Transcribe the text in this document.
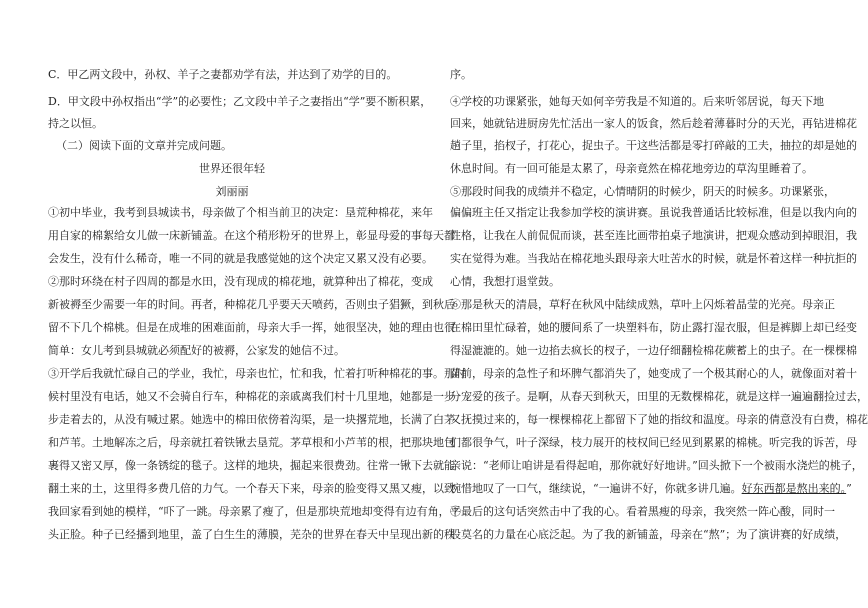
C．甲乙两文段中，孙权、羊子之妻都劝学有法，并达到了劝学的目的。
D．甲文段中孙权指出“学”的必要性；乙文段中羊子之妻指出“学”要不断积累，
持之以恒。
（二）阅读下面的文章并完成问题。
世界还很年轻
刘丽丽
①初中毕业，我考到县城读书，母亲做了个相当前卫的决定：垦荒种棉花，来年
用自家的棉絮给女儿做一床新铺盖。在这个稍形粉牙的世界上，彰显母爱的事每天都
会发生，没有什么稀奇，唯一不同的就是我感觉她的这个决定又累又没有必要。
②那时环绕在村子四周的都是水田，没有现成的棉花地，就算种出了棉花，变成
新被褥至少需要一年的时间。再者，种棉花几乎要天天喷药，否则虫子猖獗，到秋后
留不下几个棉桃。但是在成堆的困难面前，母亲大手一挥，她很坚决，她的理由也很
简单：女儿考到县城就必须配好的被褥，公家发的她信不过。
③开学后我就忙碌自己的学业，我忙，母亲也忙，忙和我，忙着打听种棉花的事。那时
候村里没有电话，她又不会骑自行车，种棉花的亲戚离我们村十几里地，她都是一步
步走着去的，从没有喊过累。她选中的棉田依傍着沟渠，是一块撂荒地，长满了白茅
和芦苇。土地解冻之后，母亲就扛着铁锹去垦荒。茅草根和小芦苇的根，把那块地包
裹得又密又厚，像一条锈绽的毯子。这样的地块，掘起来很费劲。往常一锹下去就能
翻土来的土，这里得多费几倍的力气。一个春天下来，母亲的脸变得又黑又瘦，以致
我回家看到她的模样，“吓了一跳。母亲累了瘦了，但是那块荒地却变得有边有角，平
头正脸。种子已经播到地里，盖了白生生的薄膜，芜杂的世界在春天中呈现出新的秩
序。
④学校的功课紧张，她每天如何辛劳我是不知道的。后来听邻居说，每天下地
回来，她就钻进厨房先忙活出一家人的饭食，然后趁着薄暮时分的天光，再钻进棉花
趟子里，掐杈子，打花心，捉虫子。干这些活都是零打碎敲的工夫，抽拉的却是她的
休息时间。有一回可能是太累了，母亲竟然在棉花地旁边的草沟里睡着了。
⑤那段时间我的成绩并不稳定，心情晴阴的时候少，阴天的时候多。功课紧张，
偏偏班主任又指定让我参加学校的演讲赛。虽说我普通话比较标准，但是以我内向的
性格，让我在人前侃侃而谈，甚至连比画带拍桌子地演讲，把观众感动到掉眼泪，我
实在觉得为难。当我站在棉花地头跟母亲大吐苦水的时候，就是怀着这样一种抗拒的
心情，我想打退堂鼓。
⑥那是秋天的清晨，草籽在秋风中陆续成熟，草叶上闪烁着晶莹的光亮。母亲正
在棉田里忙碌着，她的腰间系了一块塑料布，防止露打湿衣服，但是裤脚上却已经变
得湿漉漉的。她一边掐去疯长的杈子，一边仔细翻检棉花蕨蓄上的虫子。在一棵棵棉
苗前，母亲的急性子和坏脾气都消失了，她变成了一个极其耐心的人，就像面对着十
分宠爱的孩子。是啊，从春天到秋天，田里的无数棵棉花，就是这样一遍遍翻捡过去，
又抚摸过来的，每一棵棵棉花上都留下了她的指纹和温度。母亲的倩意没有白费，棉花
们都很争气，叶子深绿，枝力展开的枝权间已经见到累累的棉桃。听完我的诉苦，母
亲说：“老师让咱讲是看得起咱，那你就好好地讲。”回头掀下一个被雨水浇烂的桃子，
惋惜地叹了一口气，继续说，“一遍讲不好，你就多讲几遍。好东西都是熬出来的。”
⑦最后的这句话突然击中了我的心。看着黑瘦的母亲，我突然一阵心酸，同时一
股莫名的力量在心底泛起。为了我的新铺盖，母亲在“熬”；为了演讲赛的好成绩，
